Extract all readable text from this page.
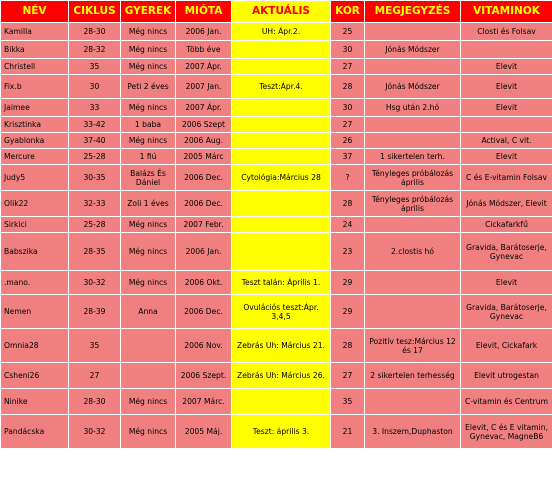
NÉV	CIKLUS	GYEREK	MIÓTA	AKTUÁLIS	KOR	MEGJEGYZÉS	VITAMINOK
Kamilla	28-30	Még nincs	2006 Jan.	UH: Ápr.2.	25		Closti és Folsav
Bikka	28-32	Még nincs	Több éve		30	Jónás Módszer	
Christell	35	Még nincs	2007 Ápr.		27		Elevit
Fix.b	30	Peti 2 éves	2007 Jan.	Teszt:Ápr.4.	28	Jónás Módszer	Elevit
Jaimee	33	Még nincs	2007 Ápr.		30	Hsg után 2.hó	Elevit
Krisztinka	33-42	1 baba	2006 Szept		27		
Gyablonka	37-40	Még nincs	2006 Aug.		26		Actival, C vit.
Mercure	25-28	1 fiú	2005 Márc		37	1 sikertelen terh.	Elevit
Judy5	30-35	Balázs És Dániel	2006 Dec.	Cytológia:Március 28	?	Tényleges próbálozás április	C és E-vitamin Folsav
Olik22	32-33	Zoli 1 éves	2006 Dec.		28	Tényleges próbálozás április	Jónás Módszer, Elevit
Sirkici	25-28	Még nincs	2007 Febr.		24		Cickafarkfű
Babszika	28-35	Még nincs	2006 Jan.		23	2.clostis hó	Gravida, Barátoserje, Gynevac
.mano.	30-32	Még nincs	2006 Okt.	Teszt talán: Április 1.	29		Elevit
Nemen	28-39	Anna	2006 Dec.	Ovulációs teszt:Ápr. 3,4,5	29		Gravida, Barátoserje, Gynevac
Omnia28	35		2006 Nov.	Zebrás Uh: Március 21.	28	Pozitív tesz:Március 12 és 17	Elevit, Cickafark
Csheni26	27		2006 Szept.	Zebrás Uh: Március 26.	27	2 sikertelen terhesség	Elevit utrogestan
Ninike	28-30	Még nincs	2007 Márc.		35		C-vitamin és Centrum
Pandácska	30-32	Még nincs	2005 Máj.	Teszt: április 3.	21	3. Inszem,Duphaston	Elevit, C és E vitamin, Gynevac, MagneB6
